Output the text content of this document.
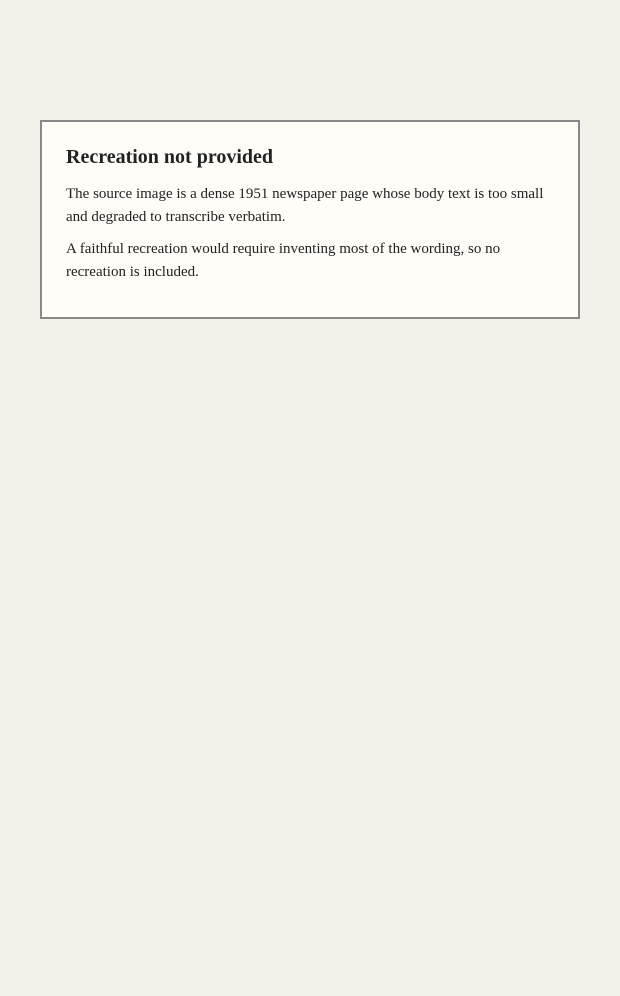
Recreation not provided

The source image is a dense 1951 newspaper page whose body text is too small and degraded to transcribe verbatim.

A faithful recreation would require inventing most of the wording, so no recreation is included.
